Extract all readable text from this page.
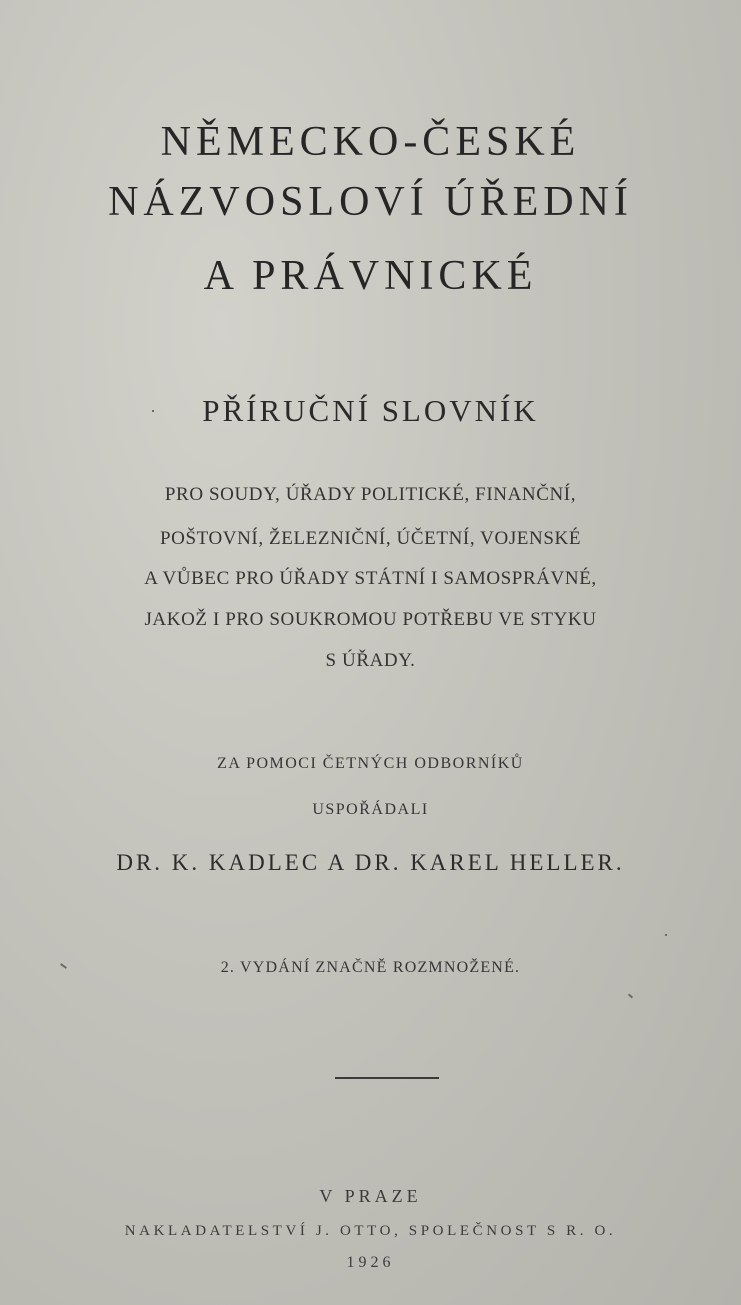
NĚMECKO-ČESKÉ
NÁZVOSLOVÍ ÚŘEDNÍ
A PRÁVNICKÉ
PŘÍRUČNÍ SLOVNÍK

PRO SOUDY, ÚŘADY POLITICKÉ, FINANČNÍ,

POŠTOVNÍ, ŽELEZNIČNÍ, ÚČETNÍ, VOJENSKÉ

A VŮBEC PRO ÚŘADY STÁTNÍ I SAMOSPRÁVNÉ,

JAKOŽ I PRO SOUKROMOU POTŘEBU VE STYKU

S ÚŘADY.

ZA POMOCI ČETNÝCH ODBORNÍKŮ

USPOŘÁDALI

DR. K. KADLEC A DR. KAREL HELLER.

2. VYDÁNÍ ZNAČNĚ ROZMNOŽENÉ.

V PRAZE

NAKLADATELSTVÍ J. OTTO, SPOLEČNOST S R. O.

1926
